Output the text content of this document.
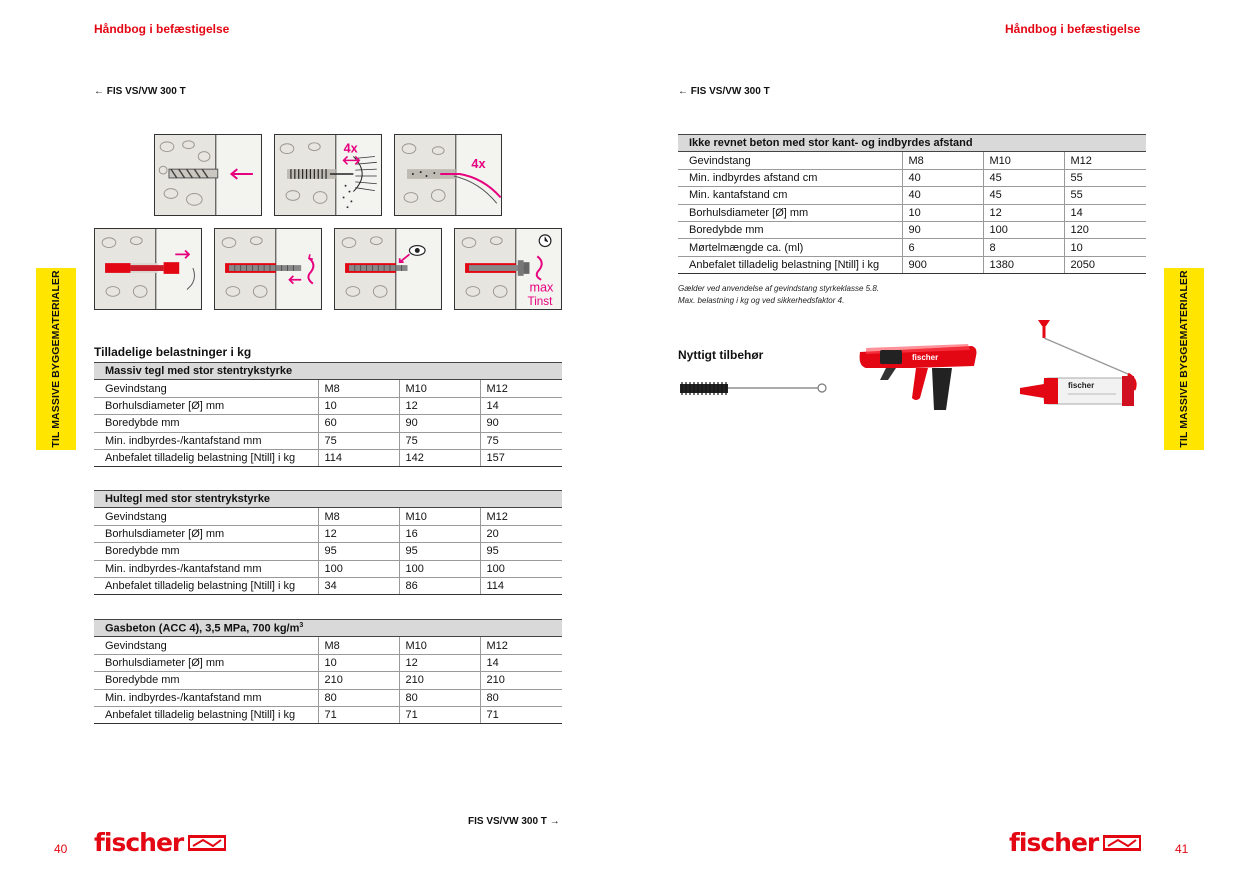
Håndbog i befæstigelse
← FIS VS/VW 300 T
TIL MASSIVE BYGGEMATERIALER
4x
4x
max
Tinst
Tilladelige belastninger i kg
Massiv tegl med stor stentrykstyrke			
Gevindstang	M8	M10	M12
Borhulsdiameter [Ø] mm	10	12	14
Boredybde mm	60	90	90
Min. indbyrdes-/kantafstand mm	75	75	75
Anbefalet tilladelig belastning [Ntill] i kg	114	142	157
Hultegl med stor stentrykstyrke			
Gevindstang	M8	M10	M12
Borhulsdiameter [Ø] mm	12	16	20
Boredybde mm	95	95	95
Min. indbyrdes-/kantafstand mm	100	100	100
Anbefalet tilladelig belastning [Ntill] i kg	34	86	114
Gasbeton (ACC 4), 3,5 MPa, 700 $kg/m^3$
Gevindstang	M8	M10	M12
Borhulsdiameter [Ø] mm	10	12	14
Boredybde mm	210	210	210
Min. indbyrdes-/kantafstand mm	80	80	80
Anbefalet tilladelig belastning [Ntill] i kg	71	71	71
FIS VS/VW 300 T →
40 fischer
Håndbog i befæstigelse
← FIS VS/VW 300 T
TIL MASSIVE BYGGEMATERIALER
Ikke revnet beton med stor kant- og indbyrdes afstand			
Gevindstang	M8	M10	M12
Min. indbyrdes afstand cm	40	45	55
Min. kantafstand cm	40	45	55
Borhulsdiameter [Ø] mm	10	12	14
Boredybde mm	90	100	120
Mørtelmængde ca. (ml)	6	8	10
Anbefalet tilladelig belastning [Ntill] i kg	900	1380	2050
Gælder ved anvendelse af gevindstang styrkeklasse 5.8.
Max. belastning i kg og ved sikkerhedsfaktor 4.
Nyttigt tilbehør	fischer
fischer
fischer	41
